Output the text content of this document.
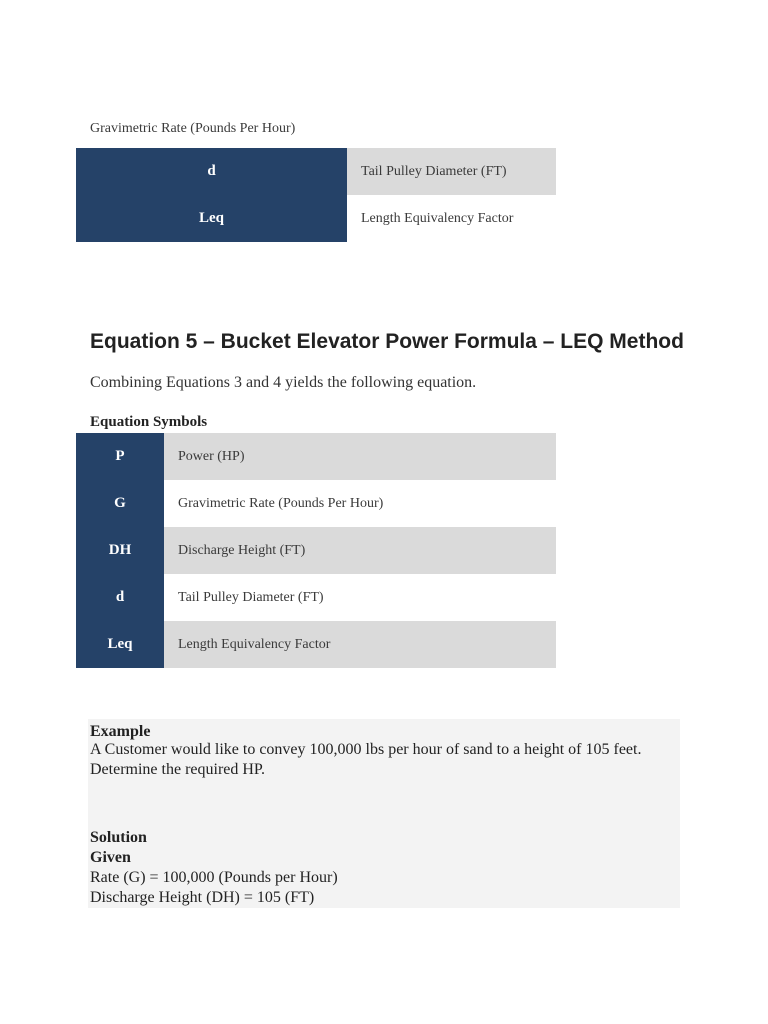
Gravimetric Rate (Pounds Per Hour)
d	Tail Pulley Diameter (FT)
Leq	Length Equivalency Factor
Equation 5 – Bucket Elevator Power Formula – LEQ Method
Combining Equations 3 and 4 yields the following equation.
Equation Symbols
P	Power (HP)
G	Gravimetric Rate (Pounds Per Hour)
DH	Discharge Height (FT)
d	Tail Pulley Diameter (FT)
Leq	Length Equivalency Factor
Example
A Customer would like to convey 100,000 lbs per hour of sand to a height of 105 feet.
Determine the required HP.
Solution
Given
Rate (G) = 100,000 (Pounds per Hour)
Discharge Height (DH) = 105 (FT)
